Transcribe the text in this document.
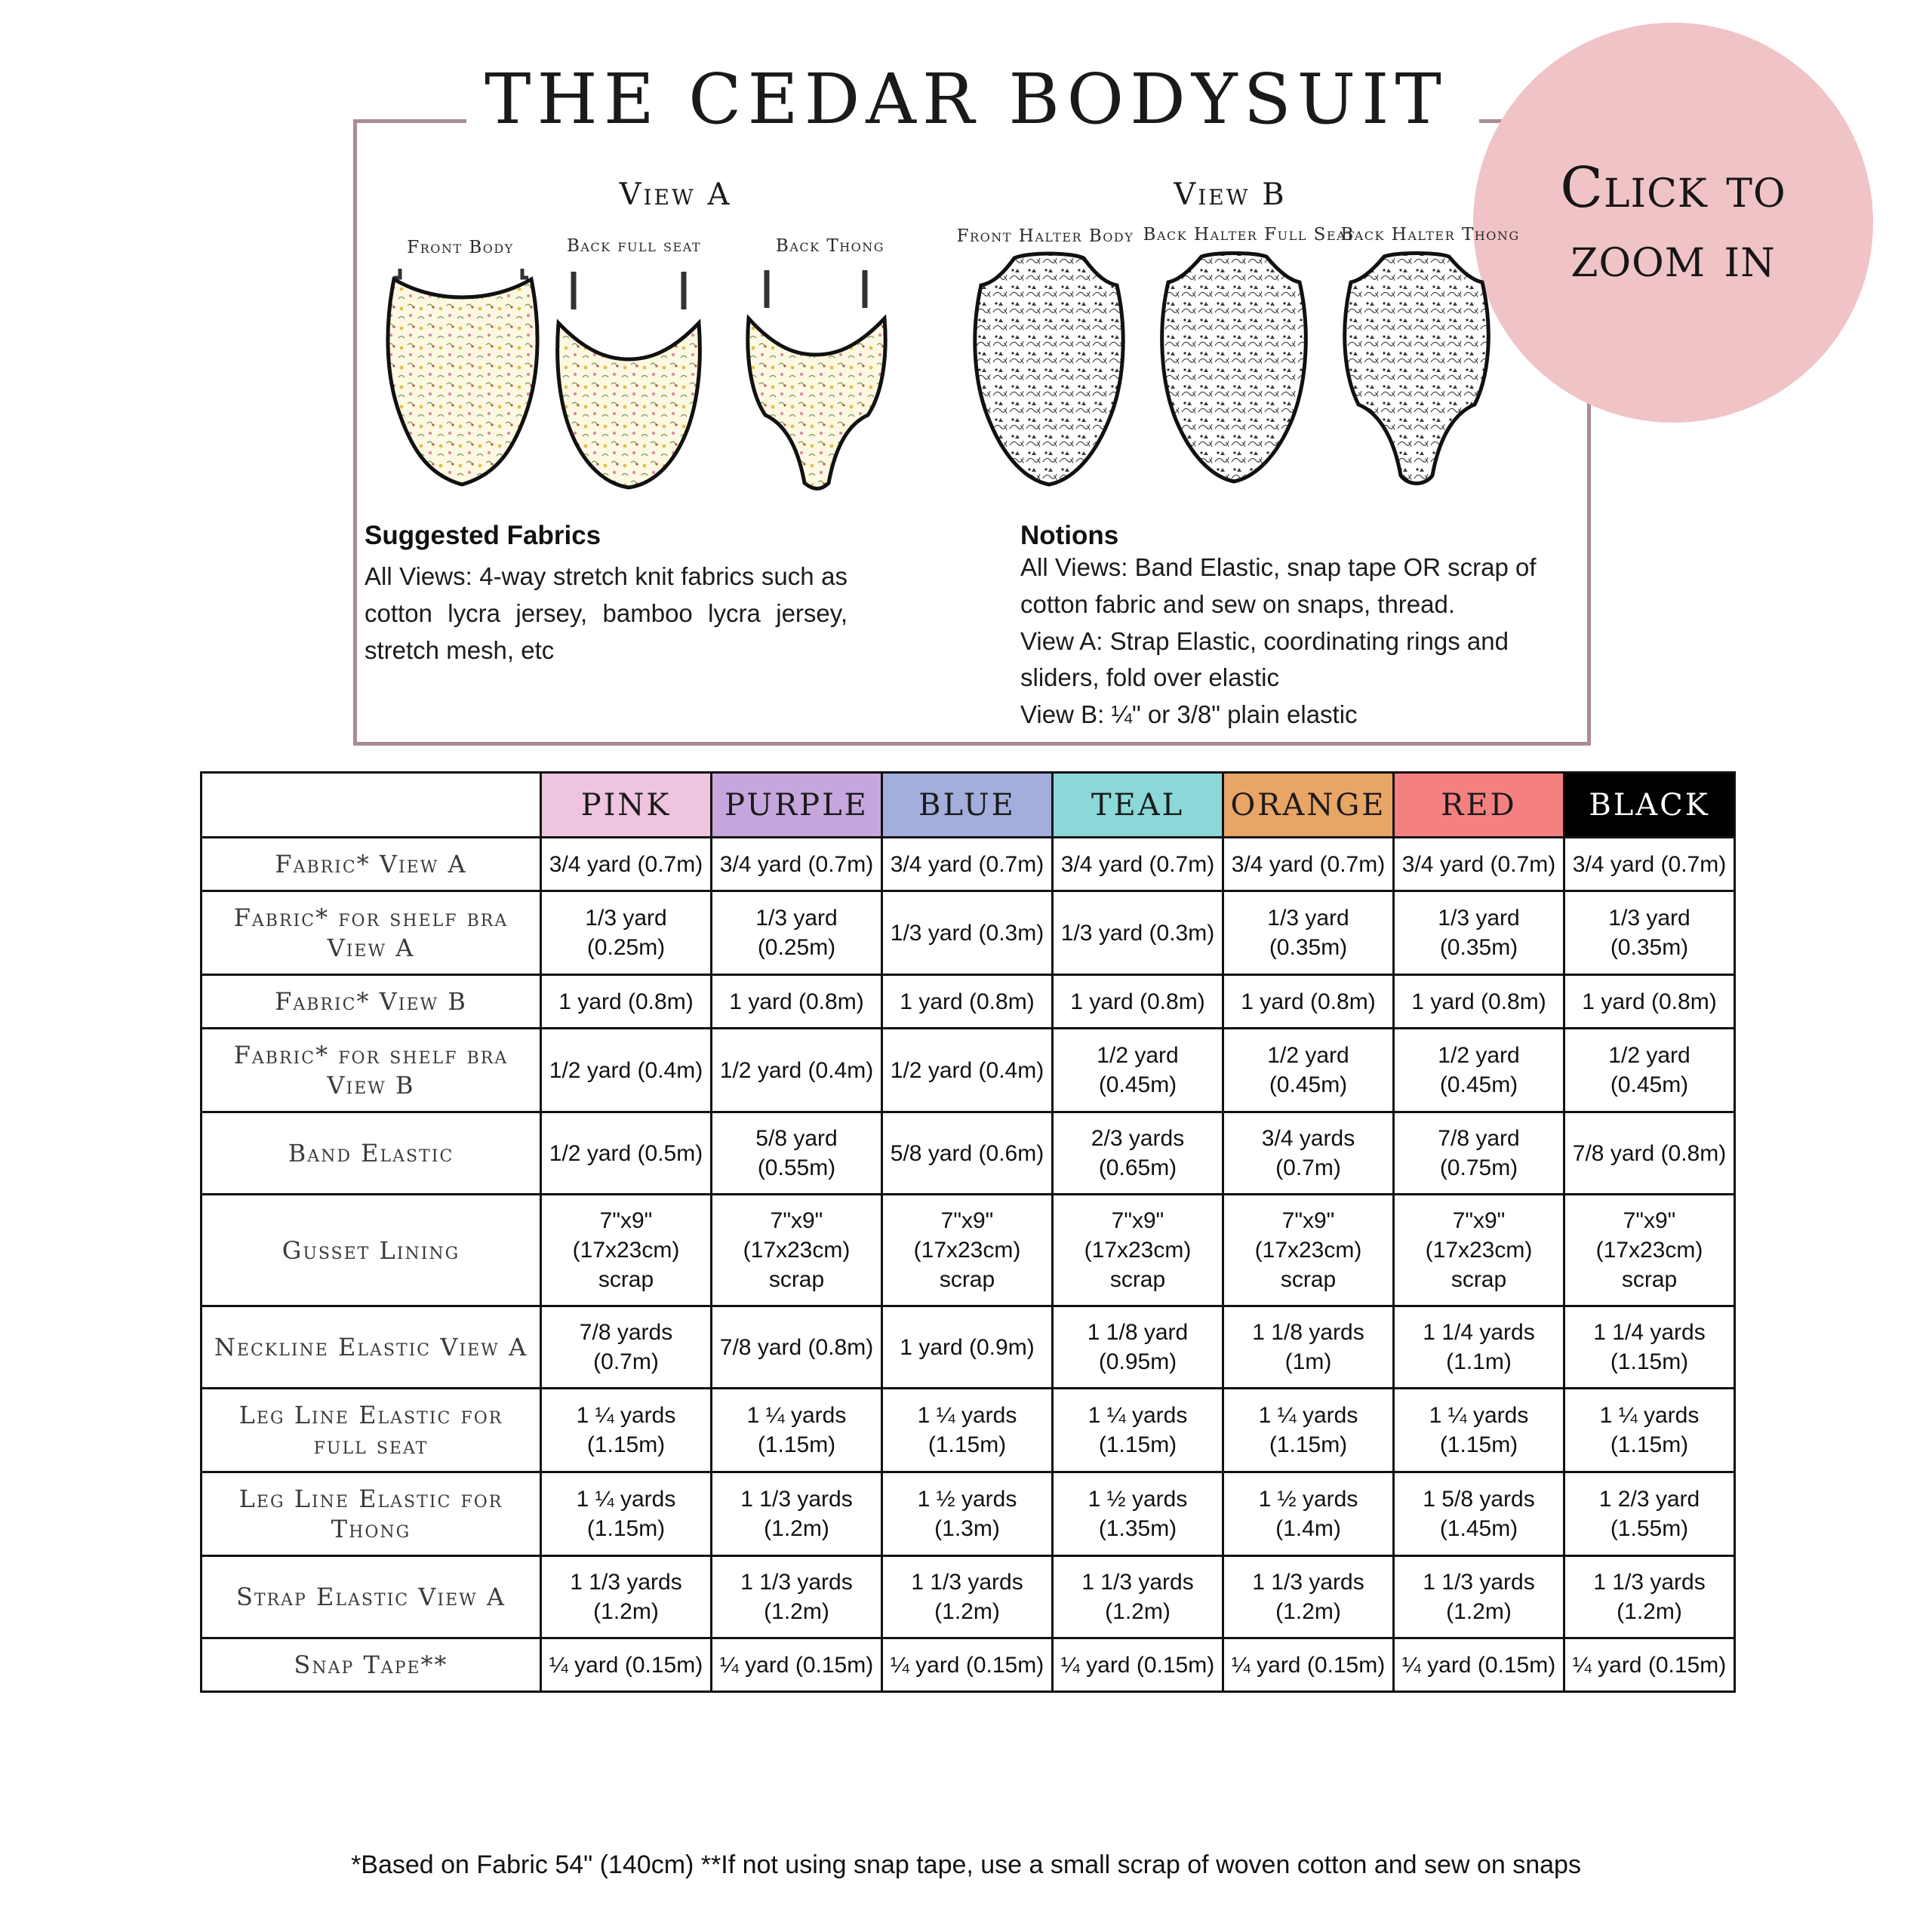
THE CEDAR BODYSUIT
Click to zoom in
View A
Front Body	Back full seat	Back Thong
View B
Front Halter Body Back Halter Full Seat
Back Halter Thong
Suggested Fabrics
All Views: 4-way stretch knit fabrics such as cotton lycra jersey, bamboo lycra jersey, stretch mesh, etc
Notions
All Views: Band Elastic, snap tape OR scrap of cotton fabric and sew on snaps, thread.
View A: Strap Elastic, coordinating rings and sliders, fold over elastic
View B: ¼" or 3/8" plain elastic
	PINK	PURPLE	BLUE	TEAL	ORANGE	RED	BLACK
Fabric* View A	3/4 yard (0.7m)	3/4 yard (0.7m)	3/4 yard (0.7m)	3/4 yard (0.7m)	3/4 yard (0.7m)	3/4 yard (0.7m)	3/4 yard (0.7m)
Fabric* for shelf bra View A	1/3 yard (0.25m)	1/3 yard (0.25m)	1/3 yard (0.3m)	1/3 yard (0.3m)	1/3 yard (0.35m)	1/3 yard (0.35m)	1/3 yard (0.35m)
Fabric* View B	1 yard (0.8m)	1 yard (0.8m)	1 yard (0.8m)	1 yard (0.8m)	1 yard (0.8m)	1 yard (0.8m)	1 yard (0.8m)
Fabric* for shelf bra View B	1/2 yard (0.4m)	1/2 yard (0.4m)	1/2 yard (0.4m)	1/2 yard (0.45m)	1/2 yard (0.45m)	1/2 yard (0.45m)	1/2 yard (0.45m)
Band Elastic	1/2 yard (0.5m)	5/8 yard (0.55m)	5/8 yard (0.6m)	2/3 yards (0.65m)	3/4 yards (0.7m)	7/8 yard (0.75m)	7/8 yard (0.8m)
Gusset Lining	7"x9" (17x23cm) scrap	7"x9" (17x23cm) scrap	7"x9" (17x23cm) scrap	7"x9" (17x23cm) scrap	7"x9" (17x23cm) scrap	7"x9" (17x23cm) scrap	7"x9" (17x23cm) scrap
Neckline Elastic View A	7/8 yards (0.7m)	7/8 yard (0.8m)	1 yard (0.9m)	1 1/8 yard (0.95m)	1 1/8 yards (1m)	1 1/4 yards (1.1m)	1 1/4 yards (1.15m)
Leg Line Elastic for full seat	1 ¼ yards (1.15m)	1 ¼ yards (1.15m)	1 ¼ yards (1.15m)	1 ¼ yards (1.15m)	1 ¼ yards (1.15m)	1 ¼ yards (1.15m)	1 ¼ yards (1.15m)
Leg Line Elastic for Thong	1 ¼ yards (1.15m)	1 1/3 yards (1.2m)	1 ½ yards (1.3m)	1 ½ yards (1.35m)	1 ½ yards (1.4m)	1 5/8 yards (1.45m)	1 2/3 yard (1.55m)
Strap Elastic View A	1 1/3 yards (1.2m)	1 1/3 yards (1.2m)	1 1/3 yards (1.2m)	1 1/3 yards (1.2m)	1 1/3 yards (1.2m)	1 1/3 yards (1.2m)	1 1/3 yards (1.2m)
Snap Tape**	¼ yard (0.15m)	¼ yard (0.15m)	¼ yard (0.15m)	¼ yard (0.15m)	¼ yard (0.15m)	¼ yard (0.15m)	¼ yard (0.15m)
*Based on Fabric 54" (140cm) **If not using snap tape, use a small scrap of woven cotton and sew on snaps
